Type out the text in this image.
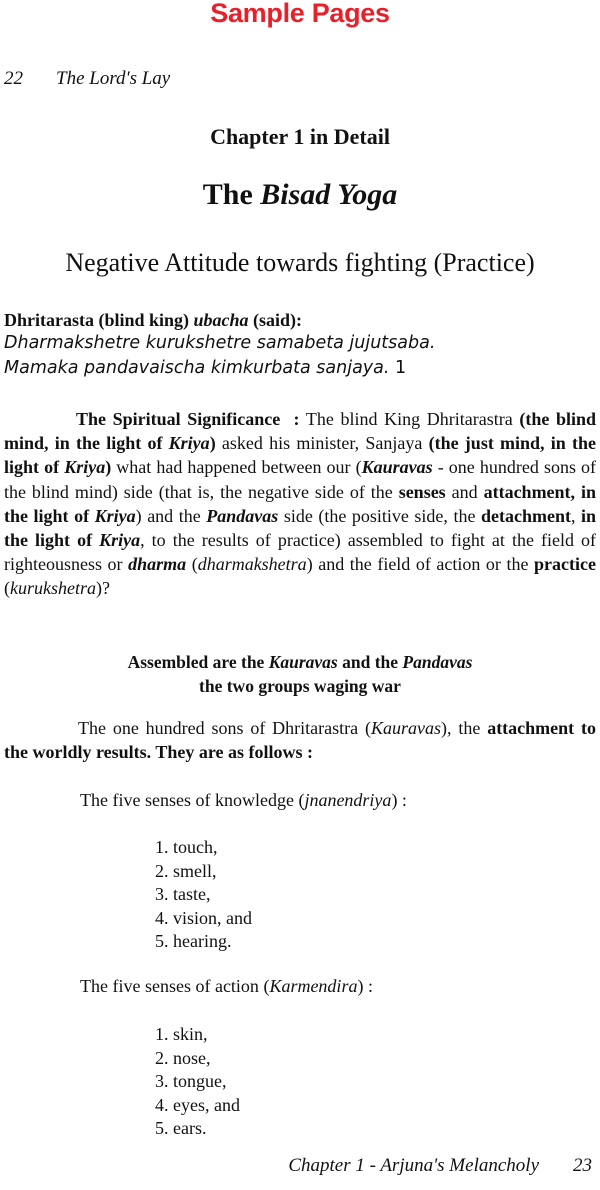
Sample Pages
22 The Lord's Lay
Chapter 1 in Detail
The Bisad Yoga
Negative Attitude towards fighting (Practice)
Dhritarasta (blind king) ubacha (said):
Dharmakshetre kurukshetre samabeta jujutsaba.
Mamaka pandavaischa kimkurbata sanjaya. 1

The Spiritual Significance : The blind King Dhritarastra (the blind mind, in the light of Kriya) asked his minister, Sanjaya (the just mind, in the light of Kriya) what had happened between our (Kauravas - one hundred sons of the blind mind) side (that is, the negative side of the senses and attachment, in the light of Kriya) and the Pandavas side (the positive side, the detachment, in the light of Kriya, to the results of practice) assembled to fight at the field of righteousness or dharma (dharmakshetra) and the field of action or the practice (kurukshetra)?

Assembled are the Kauravas and the Pandavas
the two groups waging war

The one hundred sons of Dhritarastra (Kauravas), the attachment to the worldly results. They are as follows :

The five senses of knowledge (jnanendriya) :
1. touch,
2. smell,
3. taste,
4. vision, and
5. hearing.
The five senses of action (Karmendira) :
1. skin,
2. nose,
3. tongue,
4. eyes, and
5. ears.
Chapter 1 - Arjuna's Melancholy 23
